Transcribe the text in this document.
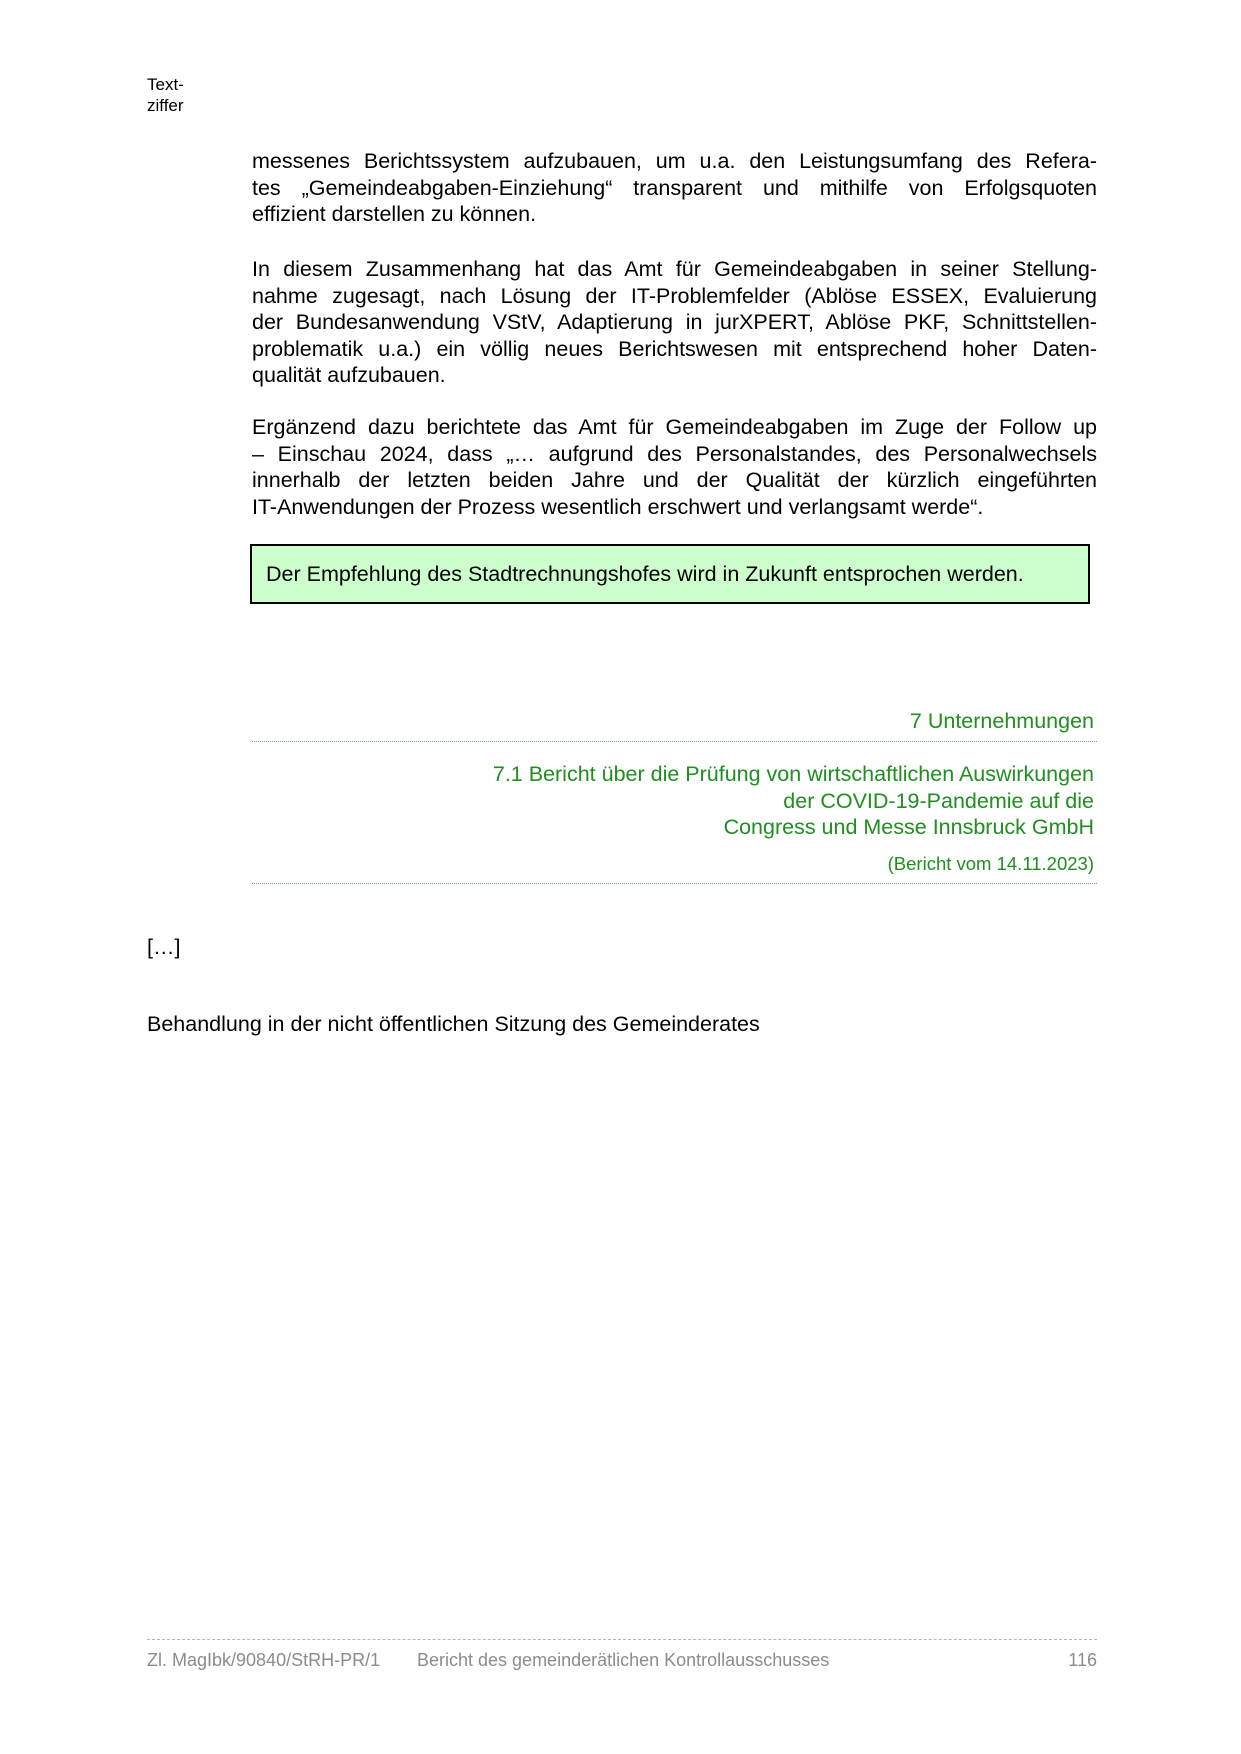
Text-
ziffer
messenes Berichtssystem aufzubauen, um u.a. den Leistungsumfang des Refera-
tes „Gemeindeabgaben-Einziehung“ transparent und mithilfe von Erfolgsquoten
effizient darstellen zu können.
In diesem Zusammenhang hat das Amt für Gemeindeabgaben in seiner Stellung-
nahme zugesagt, nach Lösung der IT-Problemfelder (Ablöse ESSEX, Evaluierung
der Bundesanwendung VStV, Adaptierung in jurXPERT, Ablöse PKF, Schnittstellen-
problematik u.a.) ein völlig neues Berichtswesen mit entsprechend hoher Daten-
qualität aufzubauen.
Ergänzend dazu berichtete das Amt für Gemeindeabgaben im Zuge der Follow up
– Einschau 2024, dass „… aufgrund des Personalstandes, des Personalwechsels
innerhalb der letzten beiden Jahre und der Qualität der kürzlich eingeführten
IT-Anwendungen der Prozess wesentlich erschwert und verlangsamt werde“.
Der Empfehlung des Stadtrechnungshofes wird in Zukunft entsprochen werden.
7 Unternehmungen
7.1 Bericht über die Prüfung von wirtschaftlichen Auswirkungen
der COVID-19-Pandemie auf die
Congress und Messe Innsbruck GmbH
(Bericht vom 14.11.2023)
[…]
Behandlung in der nicht öffentlichen Sitzung des Gemeinderates
Zl. MagIbk/90840/StRH-PR/1 Bericht des gemeinderätlichen Kontrollausschusses	116
